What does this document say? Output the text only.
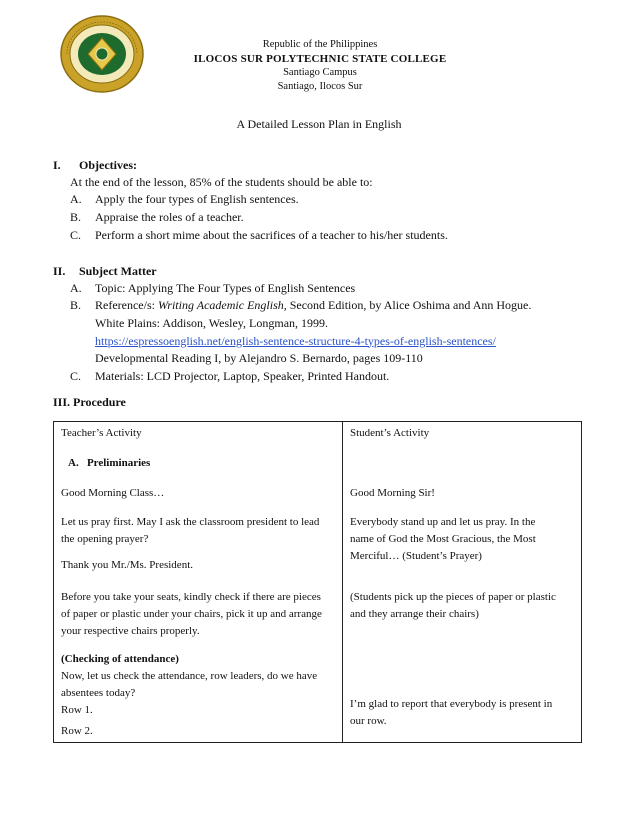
Republic of the Philippines
ILOCOS SUR POLYTECHNIC STATE COLLEGE
Santiago Campus
Santiago, Ilocos Sur
A Detailed Lesson Plan in English
I. Objectives:
At the end of the lesson, 85% of the students should be able to:
A. Apply the four types of English sentences.
B. Appraise the roles of a teacher.
C. Perform a short mime about the sacrifices of a teacher to his/her students.
II. Subject Matter
A. Topic: Applying The Four Types of English Sentences
B. Reference/s: Writing Academic English, Second Edition, by Alice Oshima and Ann Hogue.
White Plains: Addison, Wesley, Longman, 1999.
https://espressoenglish.net/english-sentence-structure-4-types-of-english-sentences/
Developmental Reading I, by Alejandro S. Bernardo, pages 109-110
C. Materials: LCD Projector, Laptop, Speaker, Printed Handout.
III. Procedure
Teacher’s Activity	Student’s Activity
A. Preliminaries
Good Morning Class…	Good Morning Sir!
Let us pray first. May I ask the classroom president to lead
the opening prayer?
Everybody stand up and let us pray. In the
name of God the Most Gracious, the Most
Merciful… (Student’s Prayer)
Thank you Mr./Ms. President.
Before you take your seats, kindly check if there are pieces
of paper or plastic under your chairs, pick it up and arrange
your respective chairs properly.
(Students pick up the pieces of paper or plastic
and they arrange their chairs)
(Checking of attendance)
Now, let us check the attendance, row leaders, do we have
absentees today?
Row 1.
Row 2.
I’m glad to report that everybody is present in
our row.
